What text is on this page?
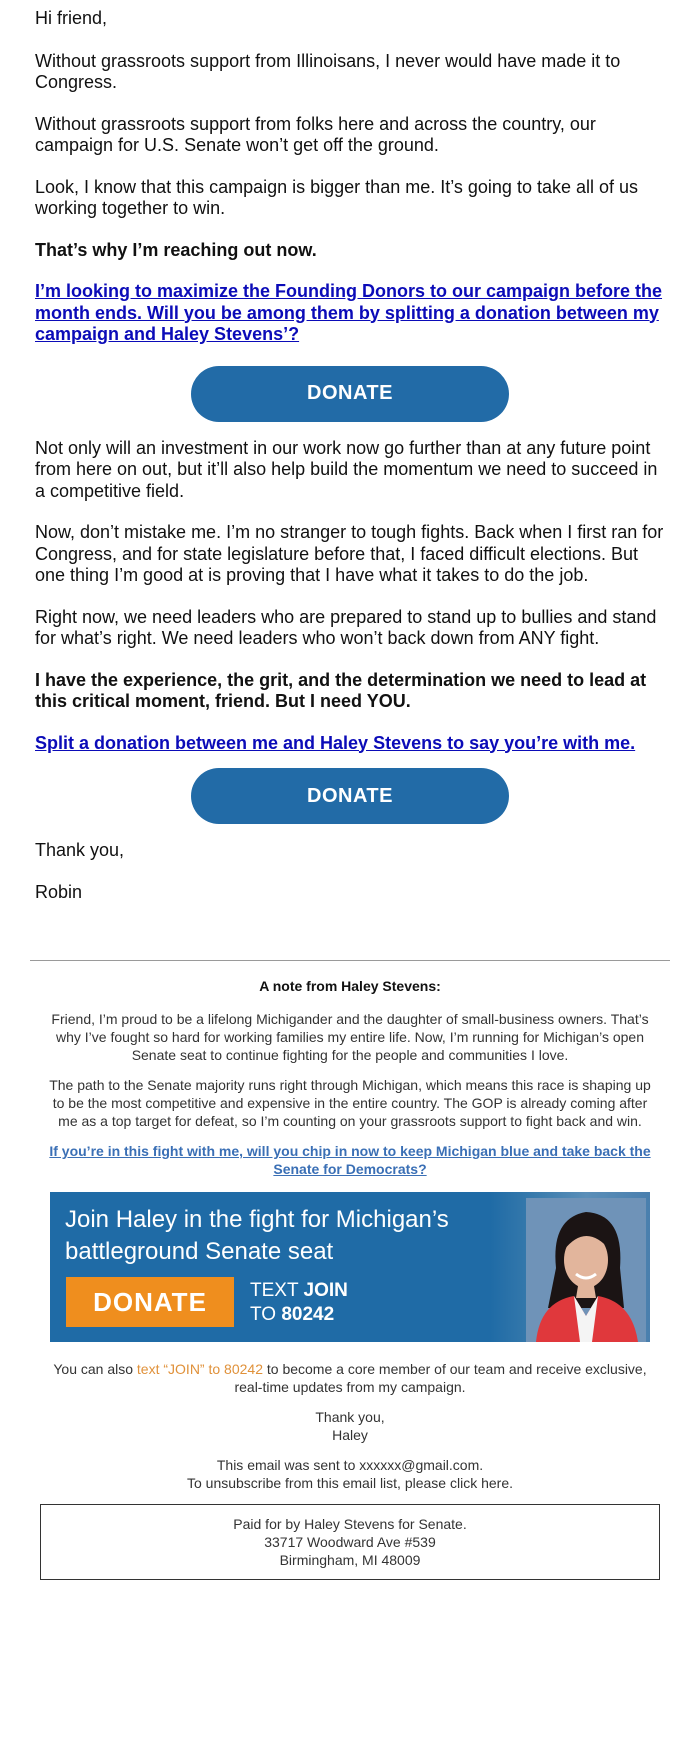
Hi friend,

Without grassroots support from Illinoisans, I never would have made it to Congress.

Without grassroots support from folks here and across the country, our campaign for U.S. Senate won’t get off the ground.

Look, I know that this campaign is bigger than me. It’s going to take all of us working together to win.

That’s why I’m reaching out now.

I’m looking to maximize the Founding Donors to our campaign before the month ends. Will you be among them by splitting a donation between my campaign and Haley Stevens’?

DONATE

Not only will an investment in our work now go further than at any future point from here on out, but it’ll also help build the momentum we need to succeed in a competitive field.

Now, don’t mistake me. I’m no stranger to tough fights. Back when I first ran for Congress, and for state legislature before that, I faced difficult elections. But one thing I’m good at is proving that I have what it takes to do the job.

Right now, we need leaders who are prepared to stand up to bullies and stand for what’s right. We need leaders who won’t back down from ANY fight.

I have the experience, the grit, and the determination we need to lead at this critical moment, friend. But I need YOU.

Split a donation between me and Haley Stevens to say you’re with me.

DONATE

Thank you,

Robin

A note from Haley Stevens:

Friend, I’m proud to be a lifelong Michigander and the daughter of small-business owners. That’s why I’ve fought so hard for working families my entire life. Now, I’m running for Michigan’s open Senate seat to continue fighting for the people and communities I love.

The path to the Senate majority runs right through Michigan, which means this race is shaping up to be the most competitive and expensive in the entire country. The GOP is already coming after me as a top target for defeat, so I’m counting on your grassroots support to fight back and win.

If you’re in this fight with me, will you chip in now to keep Michigan blue and take back the Senate for Democrats?
Join Haley in the fight for Michigan’s battleground Senate seat
DONATE	TEXT JOIN
TO 80242

You can also text “JOIN” to 80242 to become a core member of our team and receive exclusive, real-time updates from my campaign.

Thank you,
Haley

This email was sent to xxxxxx@gmail.com.
To unsubscribe from this email list, please click here.

Paid for by Haley Stevens for Senate.
33717 Woodward Ave #539
Birmingham, MI 48009
